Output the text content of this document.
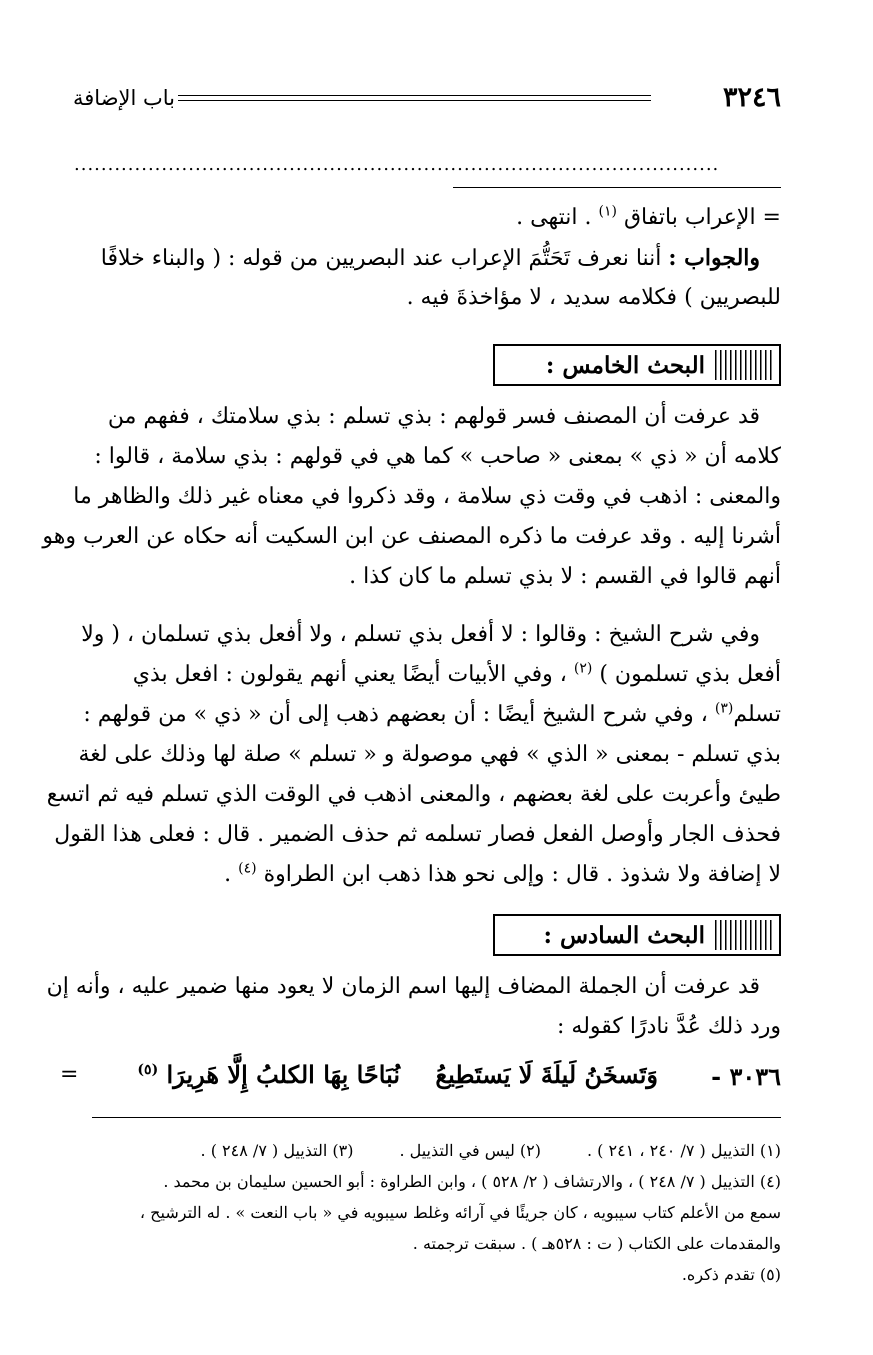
٣٢٤٦
باب الإضافة
................................................................................................
= الإعراب باتفاق $^{(١)}$ . انتهى .
والجواب : أننا نعرف تَحَتُّمَ الإعراب عند البصريين من قوله : ( والبناء خلافًا
للبصريين ) فكلامه سديد ، لا مؤاخذةَ فيه .
البحث الخامس :
قد عرفت أن المصنف فسر قولهم : بذي تسلم : بذي سلامتك ، ففهم من
كلامه أن « ذي » بمعنى « صاحب » كما هي في قولهم : بذي سلامة ، قالوا :
والمعنى : اذهب في وقت ذي سلامة ، وقد ذكروا في معناه غير ذلك والظاهر ما
أشرنا إليه . وقد عرفت ما ذكره المصنف عن ابن السكيت أنه حكاه عن العرب وهو
أنهم قالوا في القسم : لا بذي تسلم ما كان كذا .
وفي شرح الشيخ : وقالوا : لا أفعل بذي تسلم ، ولا أفعل بذي تسلمان ، ( ولا
أفعل بذي تسلمون ) $^{(٢)}$ ، وفي الأبيات أيضًا يعني أنهم يقولون : افعل بذي
تسلم$^{(٣)}$ ، وفي شرح الشيخ أيضًا : أن بعضهم ذهب إلى أن « ذي » من قولهم :
بذي تسلم - بمعنى « الذي » فهي موصولة و « تسلم » صلة لها وذلك على لغة
طيئ وأعربت على لغة بعضهم ، والمعنى اذهب في الوقت الذي تسلم فيه ثم اتسع
فحذف الجار وأوصل الفعل فصار تسلمه ثم حذف الضمير . قال : فعلى هذا القول
لا إضافة ولا شذوذ . قال : وإلى نحو هذا ذهب ابن الطراوة $^{(٤)}$ .
البحث السادس :
قد عرفت أن الجملة المضاف إليها اسم الزمان لا يعود منها ضمير عليه ، وأنه إن
ورد ذلك عُدَّ نادرًا كقوله :
٣٠٣٦ -
وَتَسخَنُ لَيلَةَ لَا يَستَطِيعُ
نُبَاحًا بِهَا الكلبُ إِلَّا هَرِيرَا $^{(٥)}$
=
(١) التذييل ( ٧/ ٢٤٠ ، ٢٤١ ) .(٢) ليس في التذييل .(٣) التذييل ( ٧/ ٢٤٨ ) .
(٤) التذييل ( ٧/ ٢٤٨ ) ، والارتشاف ( ٢/ ٥٢٨ ) ، وابن الطراوة : أبو الحسين سليمان بن محمد .
سمع من الأعلم كتاب سيبويه ، كان جريئًا في آرائه وغلط سيبويه في « باب النعت » . له الترشيح ،
والمقدمات على الكتاب ( ت : ٥٢٨هـ ) . سبقت ترجمته .
(٥) تقدم ذكره.
